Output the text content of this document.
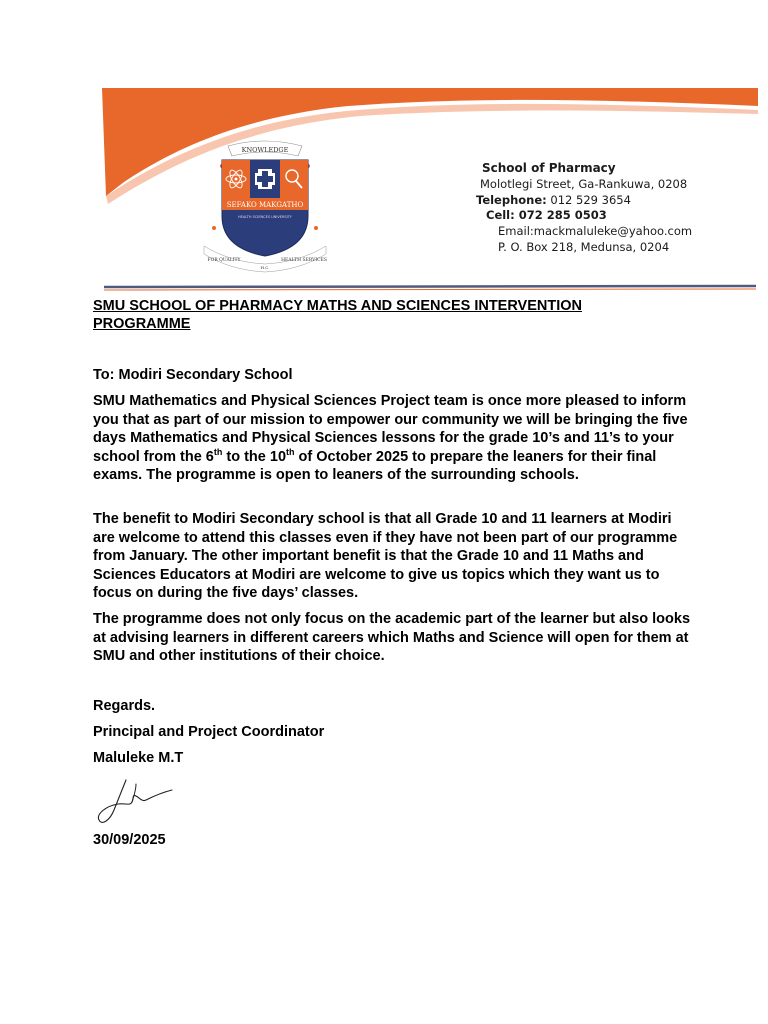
KNOWLEDGE
SEFAKO MAKGATHO
HEALTH SCIENCES UNIVERSITY
FOR QUALITY
H.C.
HEALTH SERVICES
School of Pharmacy
Molotlegi Street, Ga-Rankuwa, 0208
Telephone: 012 529 3654
Cell: 072 285 0503
Email:mackmaluleke@yahoo.com
P. O. Box 218, Medunsa, 0204
SMU SCHOOL OF PHARMACY MATHS AND SCIENCES INTERVENTION PROGRAMME
To: Modiri Secondary School

SMU Mathematics and Physical Sciences Project team is once more pleased to inform you that as part of our mission to empower our community we will be bringing the five days Mathematics and Physical Sciences lessons for the grade 10’s and 11’s to your school from the 6th to the 10th of October 2025 to prepare the leaners for their final exams. The programme is open to leaners of the surrounding schools.

The benefit to Modiri Secondary school is that all Grade 10 and 11 learners at Modiri are welcome to attend this classes even if they have not been part of our programme from January. The other important benefit is that the Grade 10 and 11 Maths and Sciences Educators at Modiri are welcome to give us topics which they want us to focus on during the five days’ classes.

The programme does not only focus on the academic part of the learner but also looks at advising learners in different careers which Maths and Science will open for them at SMU and other institutions of their choice.

Regards.
Principal and Project Coordinator
Maluleke M.T
30/09/2025
